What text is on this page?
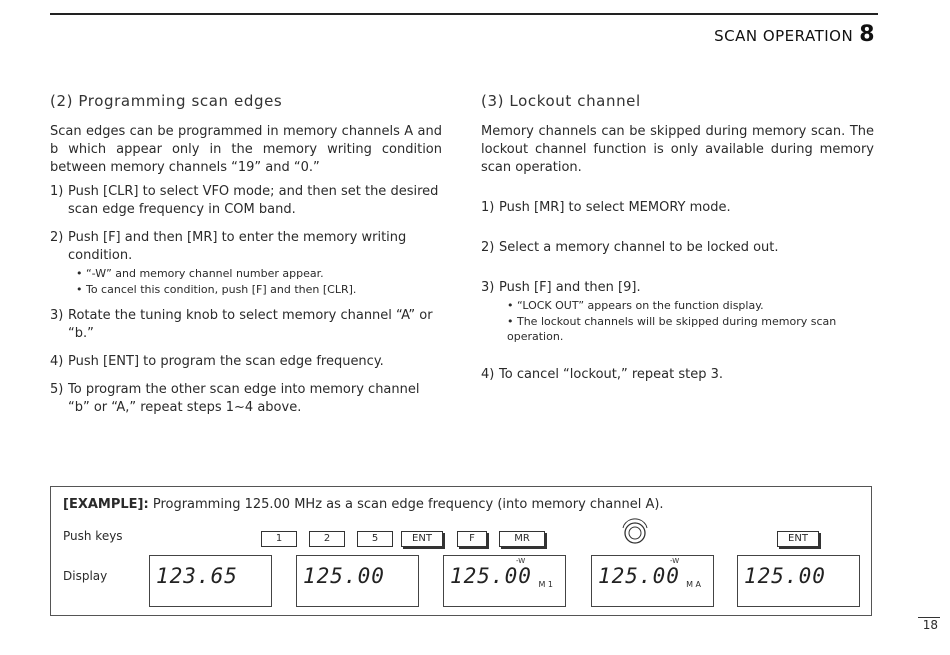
SCAN OPERATION 8
(2) Programming scan edges

Scan edges can be programmed in memory channels A and b which appear only in the memory writing condition between memory channels “19” and “0.”

1) Push [CLR] to select VFO mode; and then set the desired scan edge frequency in COM band.
2) Push [F] and then [MR] to enter the memory writing condition.
• “-W” and memory channel number appear.
• To cancel this condition, push [F] and then [CLR].
3) Rotate the tuning knob to select memory channel “A” or “b.”
4) Push [ENT] to program the scan edge frequency.
5) To program the other scan edge into memory channel “b” or “A,” repeat steps 1~4 above.
(3) Lockout channel

Memory channels can be skipped during memory scan. The lockout channel function is only available during memory scan operation.

1) Push [MR] to select MEMORY mode.
2) Select a memory channel to be locked out.
3) Push [F] and then [9].
• “LOCK OUT” appears on the function display.
• The lockout channels will be skipped during memory scan operation.
4) To cancel “lockout,” repeat step 3.
[EXAMPLE]: Programming 125.00 MHz as a scan edge frequency (into memory channel A).
Push keys
Display
1	2	5	ENT	F	MR	ENT
123.65	125.00
-W
125.00 M 1
-W
125.00 M A 125.00
18
